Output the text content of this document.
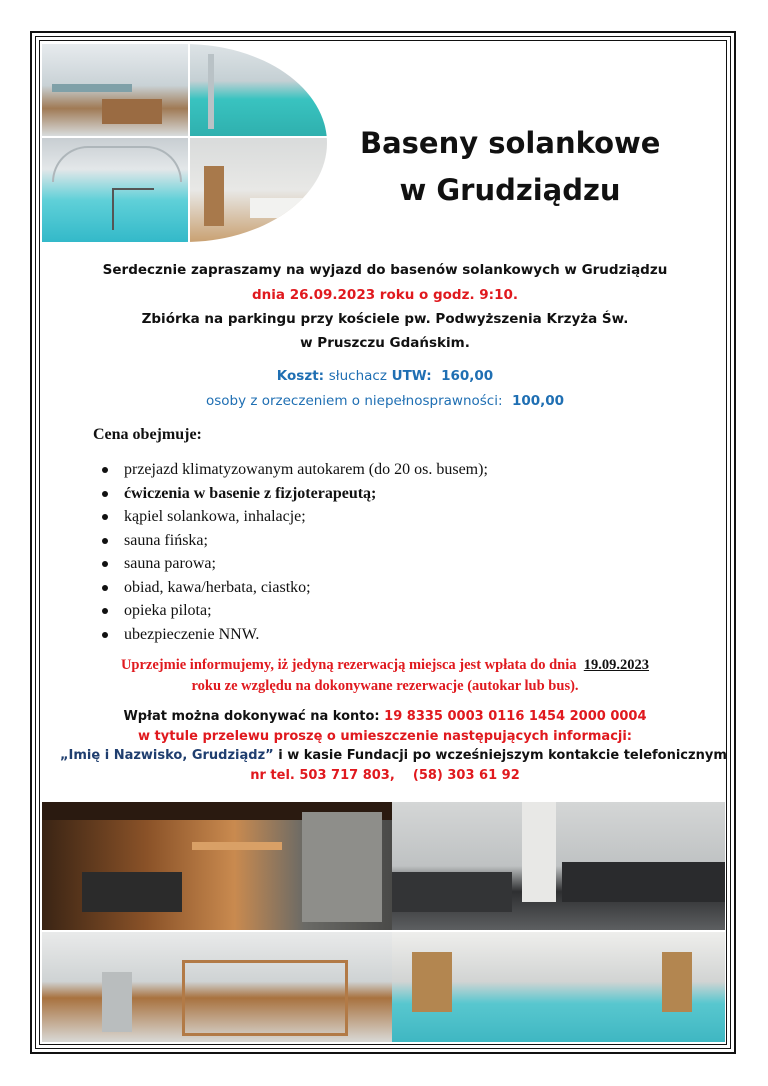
Baseny solankowe
w Grudziądzu
Serdecznie zapraszamy na wyjazd do basenów solankowych w Grudziądzu
dnia 26.09.2023 roku o godz. 9:10.
Zbiórka na parkingu przy kościele pw. Podwyższenia Krzyża Św.
w Pruszczu Gdańskim.
Koszt: słuchacz UTW: 160,00
osoby z orzeczeniem o niepełnosprawności: 100,00
Cena obejmuje:
przejazd klimatyzowanym autokarem (do 20 os. busem);
ćwiczenia w basenie z fizjoterapeutą;
kąpiel solankowa, inhalacje;
sauna fińska;
sauna parowa;
obiad, kawa/herbata, ciastko;
opieka pilota;
ubezpieczenie NNW.
Uprzejmie informujemy, iż jedyną rezerwacją miejsca jest wpłata do dnia 19.09.2023
roku ze względu na dokonywane rezerwacje (autokar lub bus).
Wpłat można dokonywać na konto: 19 8335 0003 0116 1454 2000 0004
w tytule przelewu proszę o umieszczenie następujących informacji:
„Imię i Nazwisko, Grudziądz” i w kasie Fundacji po wcześniejszym kontakcie telefonicznym
nr tel. 503 717 803,    (58) 303 61 92
